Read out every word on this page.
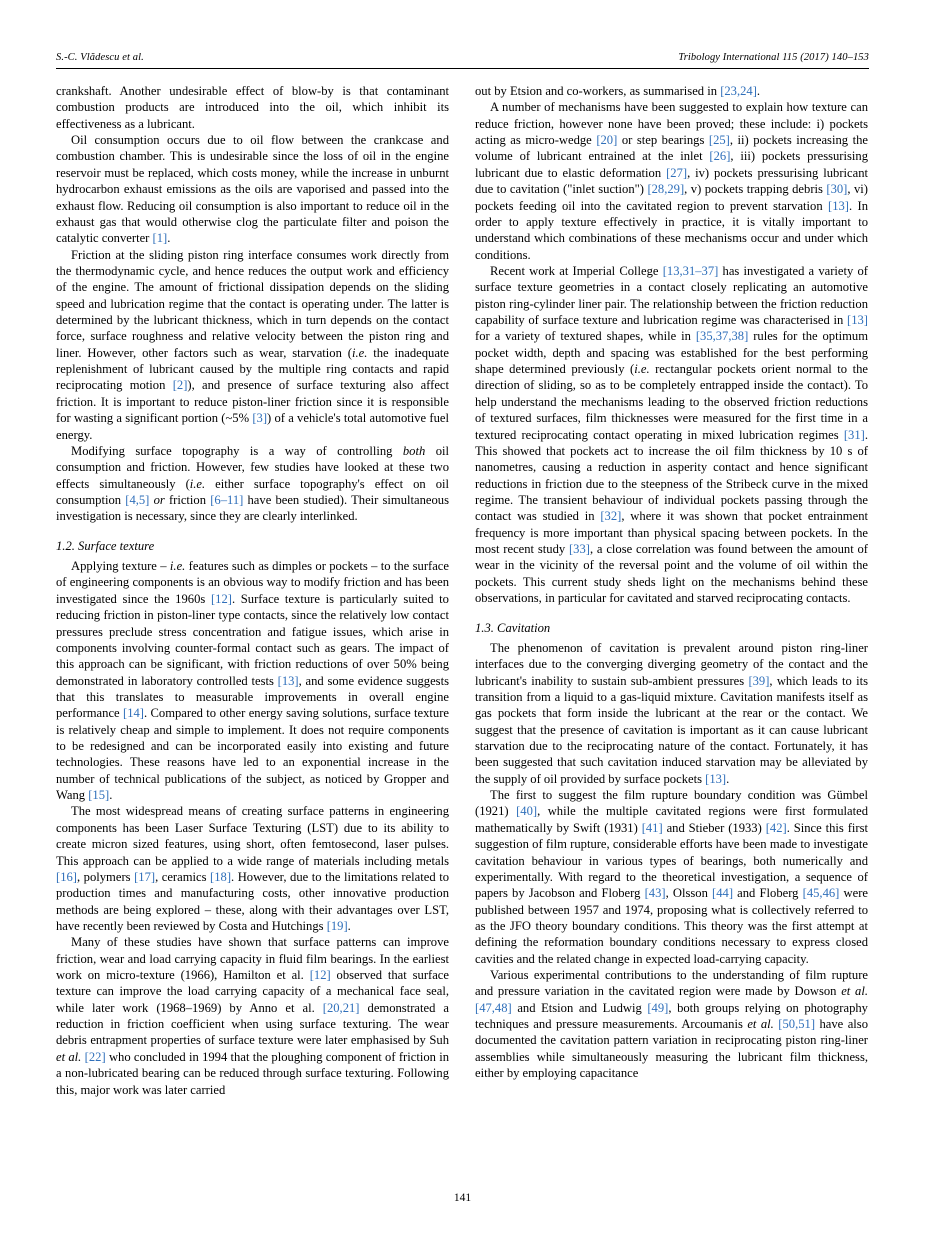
S.-C. Vlădescu et al.	Tribology International 115 (2017) 140–153

crankshaft. Another undesirable effect of blow-by is that contaminant combustion products are introduced into the oil, which inhibit its effectiveness as a lubricant.

Oil consumption occurs due to oil flow between the crankcase and combustion chamber. This is undesirable since the loss of oil in the engine reservoir must be replaced, which costs money, while the increase in unburnt hydrocarbon exhaust emissions as the oils are vaporised and passed into the exhaust flow. Reducing oil consumption is also important to reduce oil in the exhaust gas that would otherwise clog the particulate filter and poison the catalytic converter [1].

Friction at the sliding piston ring interface consumes work directly from the thermodynamic cycle, and hence reduces the output work and efficiency of the engine. The amount of frictional dissipation depends on the sliding speed and lubrication regime that the contact is operating under. The latter is determined by the lubricant thickness, which in turn depends on the contact force, surface roughness and relative velocity between the piston ring and liner. However, other factors such as wear, starvation (i.e. the inadequate replenishment of lubricant caused by the multiple ring contacts and rapid reciprocating motion [2]), and presence of surface texturing also affect friction. It is important to reduce piston-liner friction since it is responsible for wasting a significant portion (~5% [3]) of a vehicle's total automotive fuel energy.

Modifying surface topography is a way of controlling both oil consumption and friction. However, few studies have looked at these two effects simultaneously (i.e. either surface topography's effect on oil consumption [4,5] or friction [6–11] have been studied). Their simultaneous investigation is necessary, since they are clearly interlinked.

1.2. Surface texture

Applying texture – i.e. features such as dimples or pockets – to the surface of engineering components is an obvious way to modify friction and has been investigated since the 1960s [12]. Surface texture is particularly suited to reducing friction in piston-liner type contacts, since the relatively low contact pressures preclude stress concentration and fatigue issues, which arise in components involving counter-formal contact such as gears. The impact of this approach can be significant, with friction reductions of over 50% being demonstrated in laboratory controlled tests [13], and some evidence suggests that this translates to measurable improvements in overall engine performance [14]. Compared to other energy saving solutions, surface texture is relatively cheap and simple to implement. It does not require components to be redesigned and can be incorporated easily into existing and future technologies. These reasons have led to an exponential increase in the number of technical publications of the subject, as noticed by Gropper and Wang [15].

The most widespread means of creating surface patterns in engineering components has been Laser Surface Texturing (LST) due to its ability to create micron sized features, using short, often femtosecond, laser pulses. This approach can be applied to a wide range of materials including metals [16], polymers [17], ceramics [18]. However, due to the limitations related to production times and manufacturing costs, other innovative production methods are being explored – these, along with their advantages over LST, have recently been reviewed by Costa and Hutchings [19].

Many of these studies have shown that surface patterns can improve friction, wear and load carrying capacity in fluid film bearings. In the earliest work on micro-texture (1966), Hamilton et al. [12] observed that surface texture can improve the load carrying capacity of a mechanical face seal, while later work (1968–1969) by Anno et al. [20,21] demonstrated a reduction in friction coefficient when using surface texturing. The wear debris entrapment properties of surface texture were later emphasised by Suh et al. [22] who concluded in 1994 that the ploughing component of friction in a non-lubricated bearing can be reduced through surface texturing. Following this, major work was later carried

out by Etsion and co-workers, as summarised in [23,24].

A number of mechanisms have been suggested to explain how texture can reduce friction, however none have been proved; these include: i) pockets acting as micro-wedge [20] or step bearings [25], ii) pockets increasing the volume of lubricant entrained at the inlet [26], iii) pockets pressurising lubricant due to elastic deformation [27], iv) pockets pressurising lubricant due to cavitation ("inlet suction") [28,29], v) pockets trapping debris [30], vi) pockets feeding oil into the cavitated region to prevent starvation [13]. In order to apply texture effectively in practice, it is vitally important to understand which combinations of these mechanisms occur and under which conditions.

Recent work at Imperial College [13,31–37] has investigated a variety of surface texture geometries in a contact closely replicating an automotive piston ring-cylinder liner pair. The relationship between the friction reduction capability of surface texture and lubrication regime was characterised in [13] for a variety of textured shapes, while in [35,37,38] rules for the optimum pocket width, depth and spacing was established for the best performing shape determined previously (i.e. rectangular pockets orient normal to the direction of sliding, so as to be completely entrapped inside the contact). To help understand the mechanisms leading to the observed friction reductions of textured surfaces, film thicknesses were measured for the first time in a textured reciprocating contact operating in mixed lubrication regimes [31]. This showed that pockets act to increase the oil film thickness by 10 s of nanometres, causing a reduction in asperity contact and hence significant reductions in friction due to the steepness of the Stribeck curve in the mixed regime. The transient behaviour of individual pockets passing through the contact was studied in [32], where it was shown that pocket entrainment frequency is more important than physical spacing between pockets. In the most recent study [33], a close correlation was found between the amount of wear in the vicinity of the reversal point and the volume of oil within the pockets. This current study sheds light on the mechanisms behind these observations, in particular for cavitated and starved reciprocating contacts.

1.3. Cavitation

The phenomenon of cavitation is prevalent around piston ring-liner interfaces due to the converging diverging geometry of the contact and the lubricant's inability to sustain sub-ambient pressures [39], which leads to its transition from a liquid to a gas-liquid mixture. Cavitation manifests itself as gas pockets that form inside the lubricant at the rear or the contact. We suggest that the presence of cavitation is important as it can cause lubricant starvation due to the reciprocating nature of the contact. Fortunately, it has been suggested that such cavitation induced starvation may be alleviated by the supply of oil provided by surface pockets [13].

The first to suggest the film rupture boundary condition was Gümbel (1921) [40], while the multiple cavitated regions were first formulated mathematically by Swift (1931) [41] and Stieber (1933) [42]. Since this first suggestion of film rupture, considerable efforts have been made to investigate cavitation behaviour in various types of bearings, both numerically and experimentally. With regard to the theoretical investigation, a sequence of papers by Jacobson and Floberg [43], Olsson [44] and Floberg [45,46] were published between 1957 and 1974, proposing what is collectively referred to as the JFO theory boundary conditions. This theory was the first attempt at defining the reformation boundary conditions necessary to express closed cavities and the related change in expected load-carrying capacity.

Various experimental contributions to the understanding of film rupture and pressure variation in the cavitated region were made by Dowson et al. [47,48] and Etsion and Ludwig [49], both groups relying on photography techniques and pressure measurements. Arcoumanis et al. [50,51] have also documented the cavitation pattern variation in reciprocating piston ring-liner assemblies while simultaneously measuring the lubricant film thickness, either by employing capacitance

141
